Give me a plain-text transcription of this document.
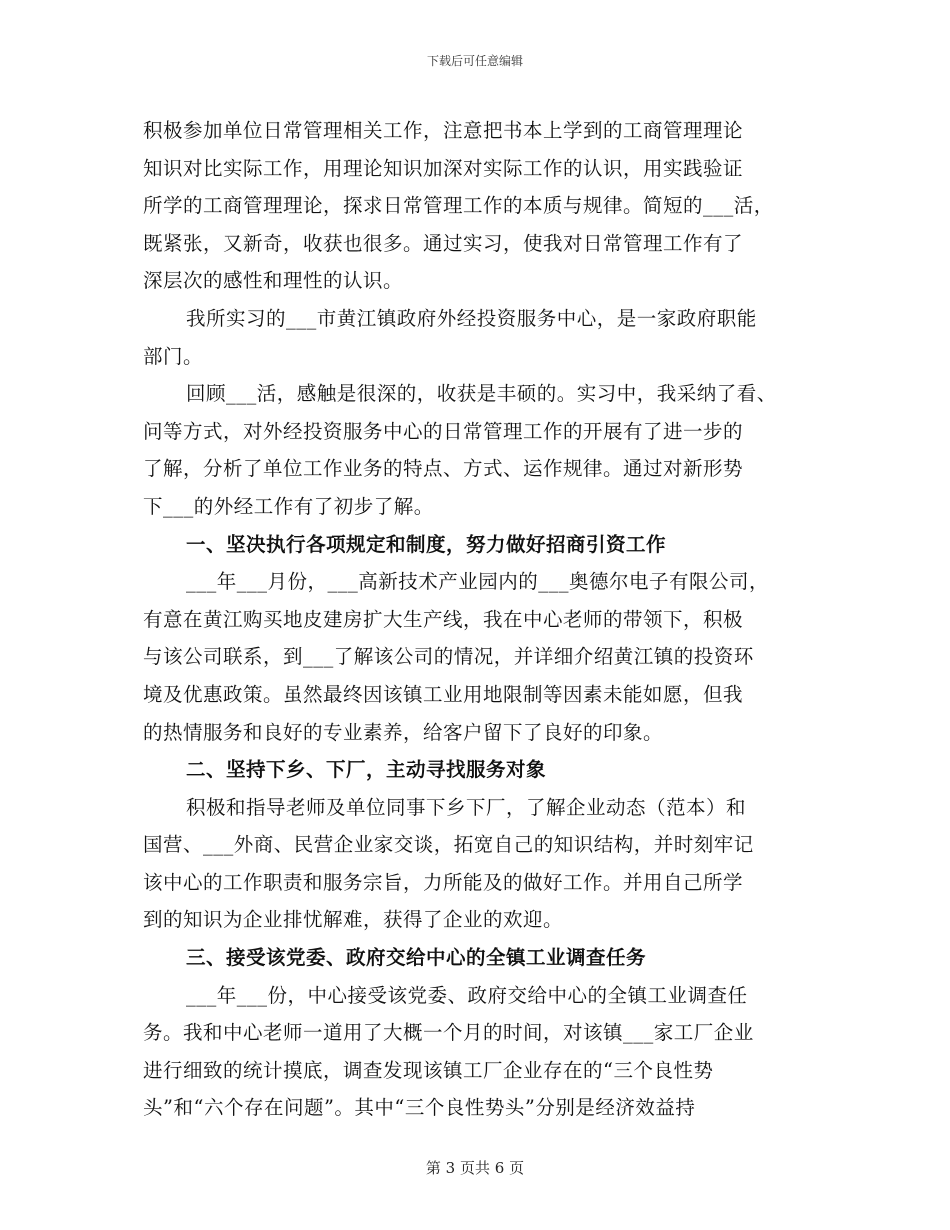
下载后可任意编辑
积极参加单位日常管理相关工作，注意把书本上学到的工商管理理论
知识对比实际工作，用理论知识加深对实际工作的认识，用实践验证
所学的工商管理理论，探求日常管理工作的本质与规律。简短的___活，
既紧张，又新奇，收获也很多。通过实习，使我对日常管理工作有了
深层次的感性和理性的认识。
我所实习的___市黄江镇政府外经投资服务中心，是一家政府职能
部门。
回顾___活，感触是很深的，收获是丰硕的。实习中，我采纳了看、
问等方式，对外经投资服务中心的日常管理工作的开展有了进一步的
了解，分析了单位工作业务的特点、方式、运作规律。通过对新形势
下___的外经工作有了初步了解。
一、坚决执行各项规定和制度，努力做好招商引资工作
___年___月份，___高新技术产业园内的___奥德尔电子有限公司，
有意在黄江购买地皮建房扩大生产线，我在中心老师的带领下，积极
与该公司联系，到___了解该公司的情况，并详细介绍黄江镇的投资环
境及优惠政策。虽然最终因该镇工业用地限制等因素未能如愿，但我
的热情服务和良好的专业素养，给客户留下了良好的印象。
二、坚持下乡、下厂，主动寻找服务对象
积极和指导老师及单位同事下乡下厂，了解企业动态（范本）和
国营、___外商、民营企业家交谈，拓宽自己的知识结构，并时刻牢记
该中心的工作职责和服务宗旨，力所能及的做好工作。并用自己所学
到的知识为企业排忧解难，获得了企业的欢迎。
三、接受该党委、政府交给中心的全镇工业调查任务
___年___份，中心接受该党委、政府交给中心的全镇工业调查任
务。我和中心老师一道用了大概一个月的时间，对该镇___家工厂企业
进行细致的统计摸底，调查发现该镇工厂企业存在的“三个良性势
头”和“六个存在问题”。其中“三个良性势头”分别是经济效益持
第 3 页共 6 页
